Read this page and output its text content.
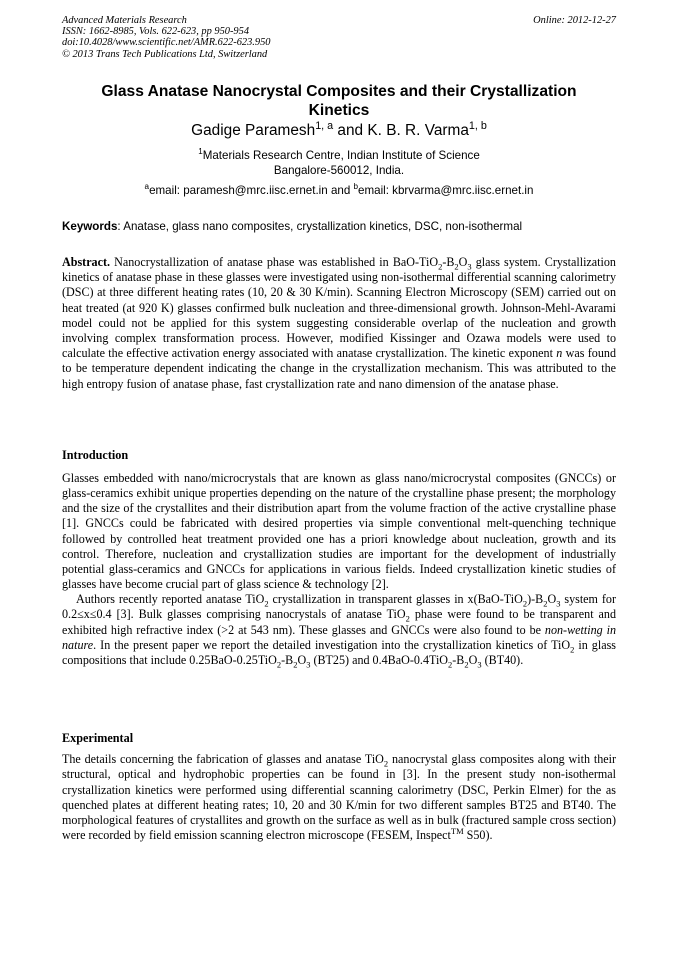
Advanced Materials Research
ISSN: 1662-8985, Vols. 622-623, pp 950-954
doi:10.4028/www.scientific.net/AMR.622-623.950
© 2013 Trans Tech Publications Ltd, Switzerland
Online: 2012-12-27
Glass Anatase Nanocrystal Composites and their Crystallization
Kinetics
Gadige Paramesh$^{1, a}$ and K. B. R. Varma$^{1, b}$
$^1$Materials Research Centre, Indian Institute of Science
Bangalore-560012, India.
$^a$email: paramesh@mrc.iisc.ernet.in and $^b$email: kbrvarma@mrc.iisc.ernet.in
Keywords: Anatase, glass nano composites, crystallization kinetics, DSC, non-isothermal

Abstract. Nanocrystallization of anatase phase was established in BaO-$TiO_2-B_2O_3$ glass system. Crystallization kinetics of anatase phase in these glasses were investigated using non-isothermal differential scanning calorimetry (DSC) at three different heating rates (10, 20 & 30 K/min). Scanning Electron Microscopy (SEM) carried out on heat treated (at 920 K) glasses confirmed bulk nucleation and three-dimensional growth. Johnson-Mehl-Avarami model could not be applied for this system suggesting considerable overlap of the nucleation and growth involving complex transformation process. However, modified Kissinger and Ozawa models were used to calculate the effective activation energy associated with anatase crystallization. The kinetic exponent n was found to be temperature dependent indicating the change in the crystallization mechanism. This was attributed to the high entropy fusion of anatase phase, fast crystallization rate and nano dimension of the anatase phase.

Introduction

Glasses embedded with nano/microcrystals that are known as glass nano/microcrystal composites (GNCCs) or glass-ceramics exhibit unique properties depending on the nature of the crystalline phase present; the morphology and the size of the crystallites and their distribution apart from the volume fraction of the active crystalline phase [1]. GNCCs could be fabricated with desired properties via simple conventional melt-quenching technique followed by controlled heat treatment provided one has a priori knowledge about nucleation, growth and its control. Therefore, nucleation and crystallization studies are important for the development of industrially potential glass-ceramics and GNCCs for applications in various fields. Indeed crystallization kinetic studies of glasses have become crucial part of glass science & technology [2].

Authors recently reported anatase TiO$_2$ crystallization in transparent glasses in $x(BaO-TiO_2)-B_2O_3$ system for 0.2≤x≤0.4 [3]. Bulk glasses comprising nanocrystals of anatase TiO$_2$ phase were found to be transparent and exhibited high refractive index (>2 at 543 nm). These glasses and GNCCs were also found to be non-wetting in nature. In the present paper we report the detailed investigation into the crystallization kinetics of TiO$_2$ in glass compositions that include $0.25BaO-0.25TiO_2-B_2O_3$ (BT25) and $0.4BaO-0.4TiO_2-B_2O_3$ (BT40).

Experimental

The details concerning the fabrication of glasses and anatase TiO$_2$ nanocrystal glass composites along with their structural, optical and hydrophobic properties can be found in [3]. In the present study non-isothermal crystallization kinetics were performed using differential scanning calorimetry (DSC, Perkin Elmer) for the as quenched plates at different heating rates; 10, 20 and 30 K/min for two different samples BT25 and BT40. The morphological features of crystallites and growth on the surface as well as in bulk (fractured sample cross section) were recorded by field emission scanning electron microscope (FESEM, Inspect™ S50).
